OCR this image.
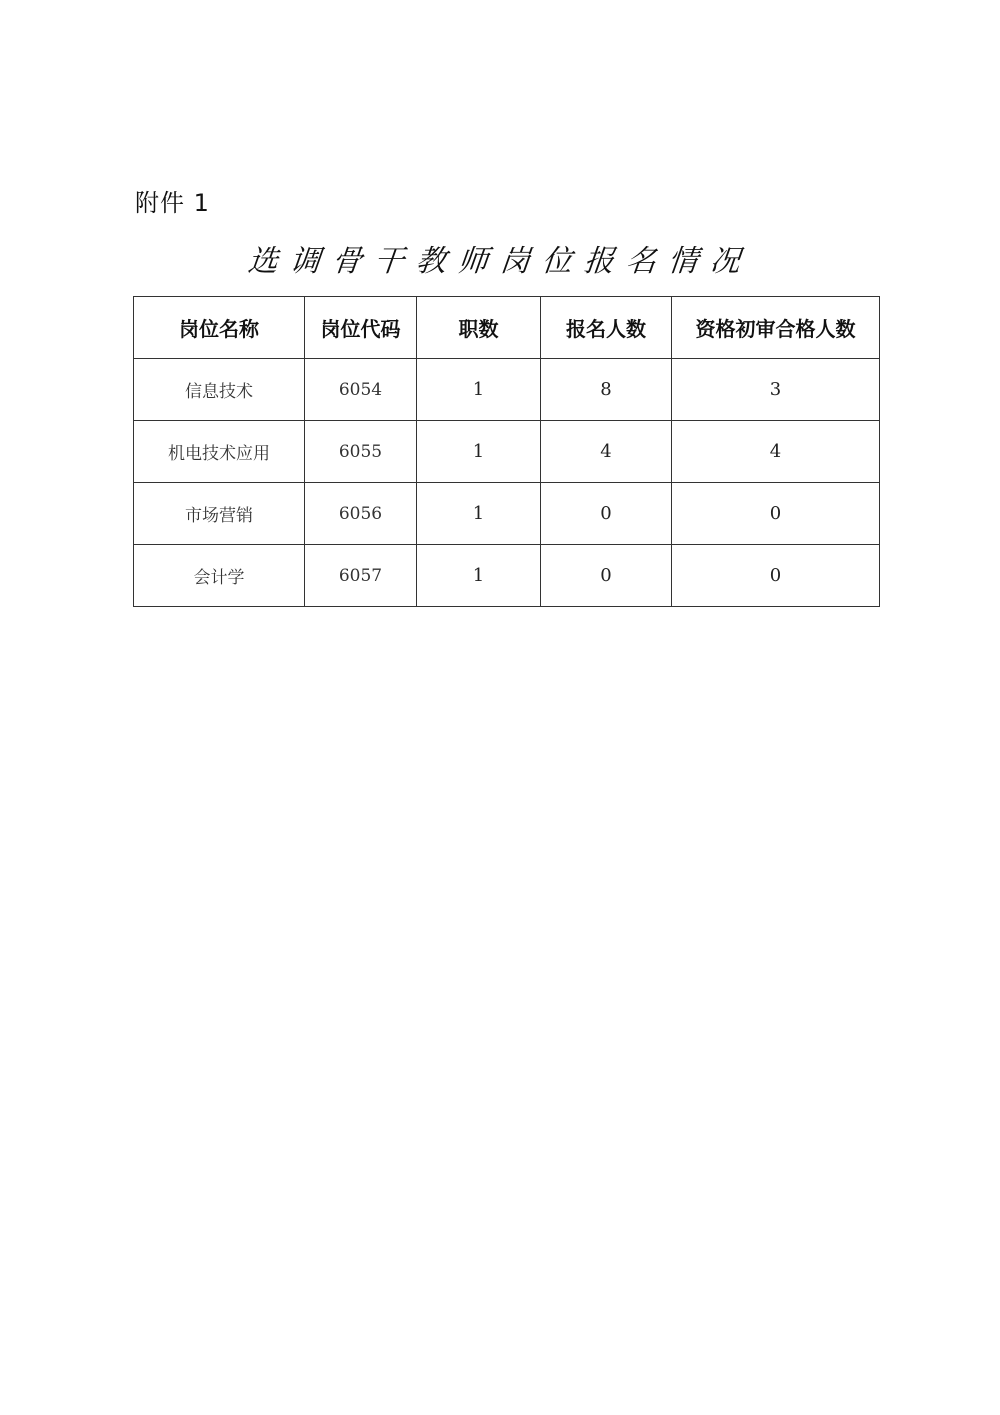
附件 1
选调骨干教师岗位报名情况
岗位名称	岗位代码	职数	报名人数	资格初审合格人数
信息技术	6054	1	8	3
机电技术应用	6055	1	4	4
市场营销	6056	1	0	0
会计学	6057	1	0	0
